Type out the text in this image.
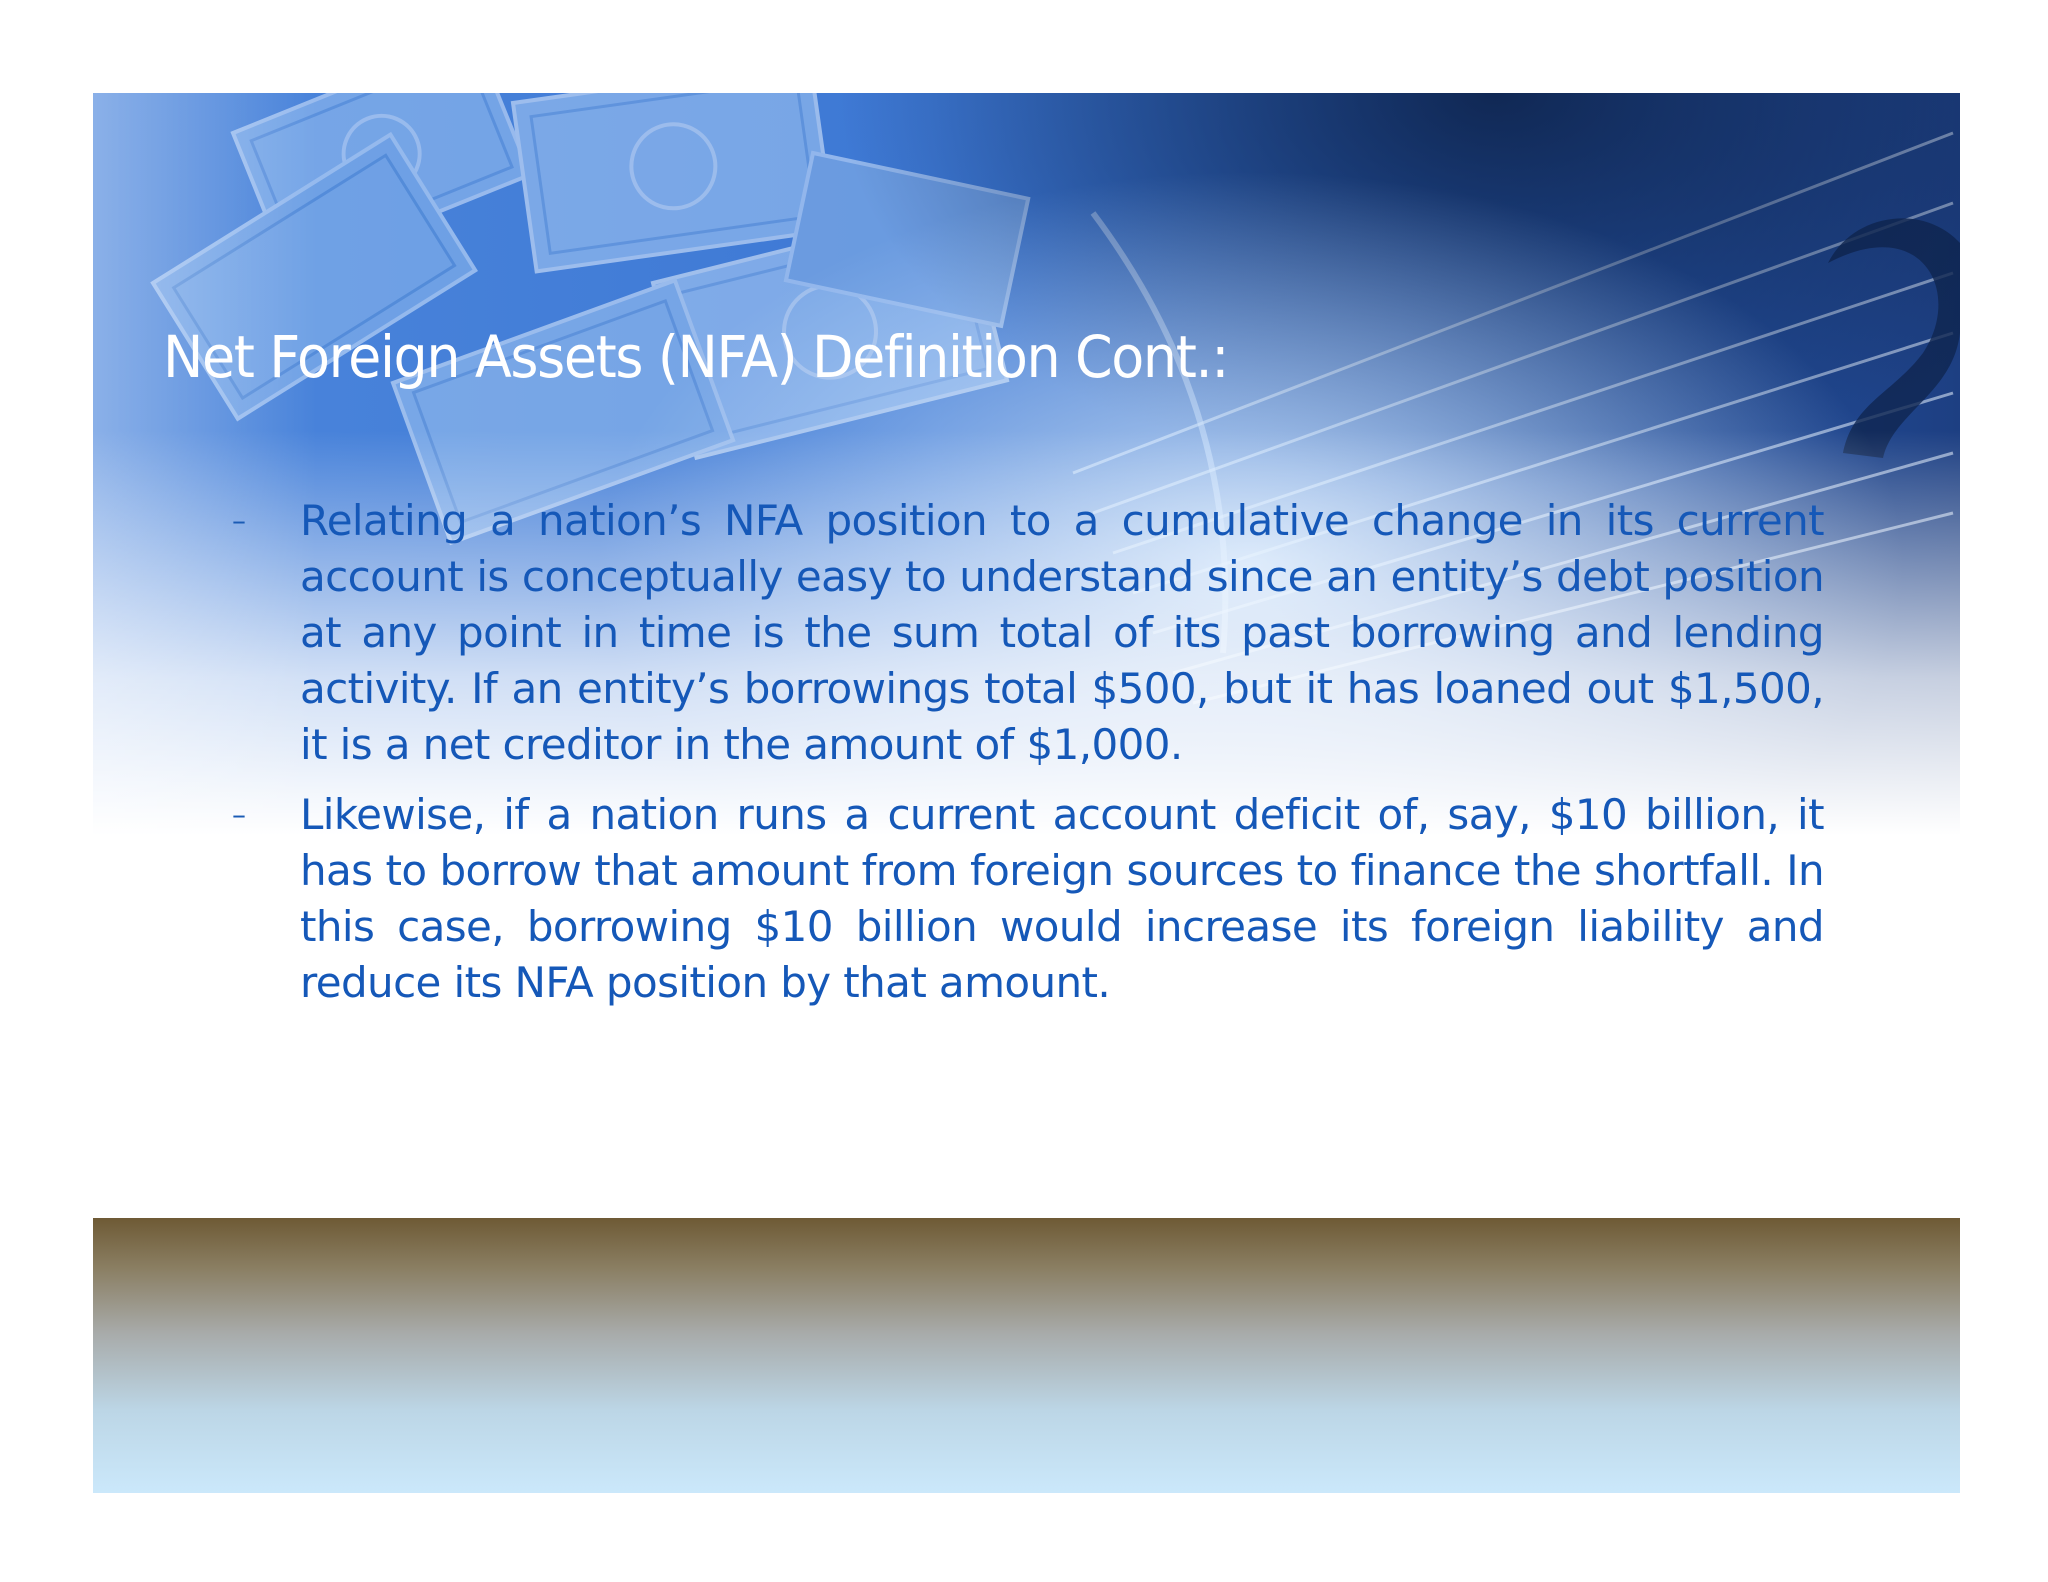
Net Foreign Assets (NFA) Definition Cont.:
–	Relating a nation’s NFA position to a cumulative change in its current account is conceptually easy to understand since an entity’s debt position at any point in time is the sum total of its past borrowing and lending activity. If an entity’s borrowings total $500, but it has loaned out $1,500, it is a net creditor in the amount of $1,000.
–	Likewise, if a nation runs a current account deficit of, say, $10 billion, it has to borrow that amount from foreign sources to finance the shortfall. In this case, borrowing $10 billion would increase its foreign liability and reduce its NFA position by that amount.
